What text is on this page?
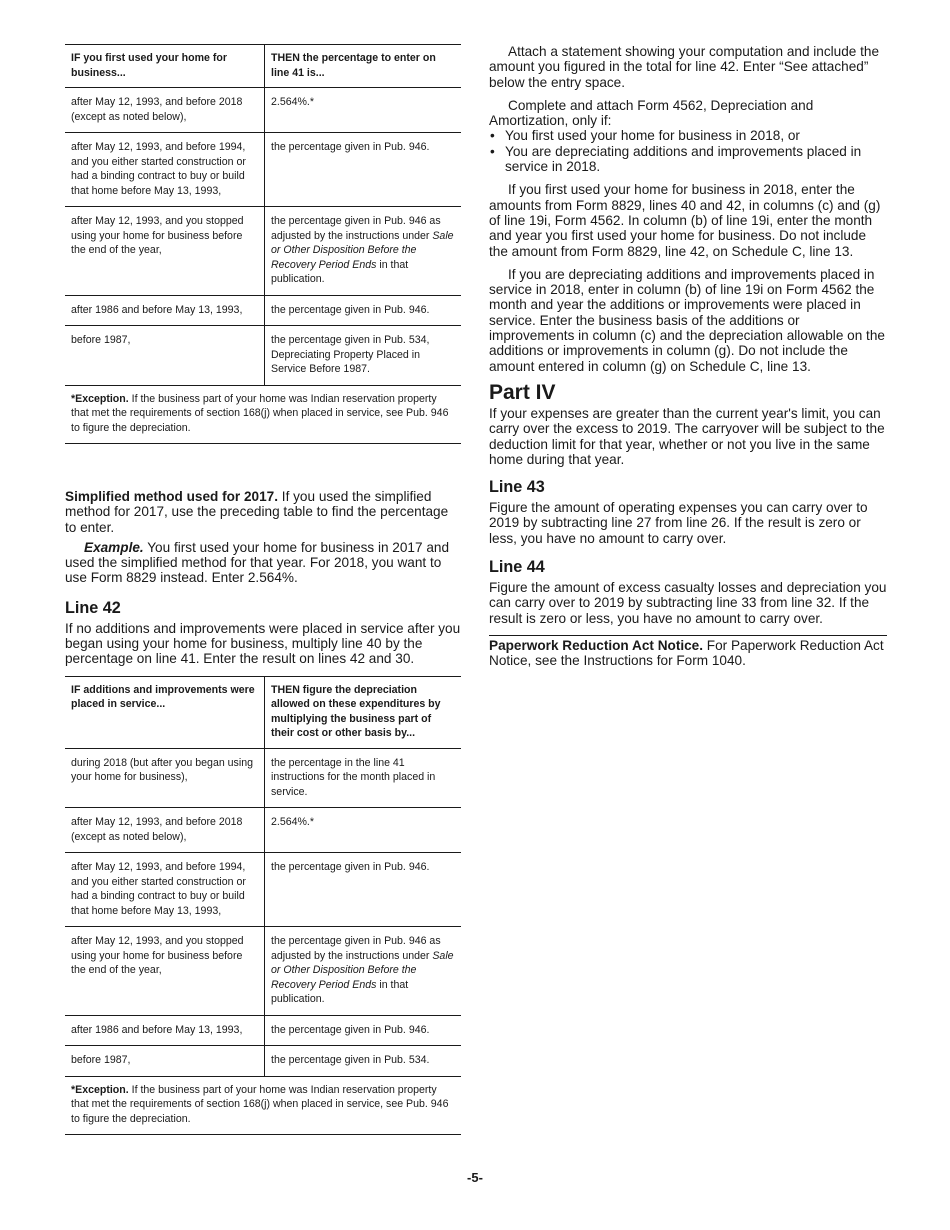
IF you first used your home for business...	THEN the percentage to enter on line 41 is...
after May 12, 1993, and before 2018 (except as noted below),	2.564%.*
after May 12, 1993, and before 1994, and you either started construction or had a binding contract to buy or build that home before May 13, 1993,	the percentage given in Pub. 946.
after May 12, 1993, and you stopped using your home for business before the end of the year,	the percentage given in Pub. 946 as adjusted by the instructions under Sale or Other Disposition Before the Recovery Period Ends in that publication.
after 1986 and before May 13, 1993,	the percentage given in Pub. 946.
before 1987,	the percentage given in Pub. 534, Depreciating Property Placed in Service Before 1987.
*Exception. If the business part of your home was Indian reservation property that met the requirements of section 168(j) when placed in service, see Pub. 946 to figure the depreciation.	

Simplified method used for 2017. If you used the simplified method for 2017, use the preceding table to find the percentage to enter.

Example. You first used your home for business in 2017 and used the simplified method for that year. For 2018, you want to use Form 8829 instead. Enter 2.564%.

Line 42

If no additions and improvements were placed in service after you began using your home for business, multiply line 40 by the percentage on line 41. Enter the result on lines 42 and 30.

IF additions and improvements were placed in service...	THEN figure the depreciation allowed on these expenditures by multiplying the business part of their cost or other basis by...
during 2018 (but after you began using your home for business),	the percentage in the line 41 instructions for the month placed in service.
after May 12, 1993, and before 2018 (except as noted below),	2.564%.*
after May 12, 1993, and before 1994, and you either started construction or had a binding contract to buy or build that home before May 13, 1993,	the percentage given in Pub. 946.
after May 12, 1993, and you stopped using your home for business before the end of the year,	the percentage given in Pub. 946 as adjusted by the instructions under Sale or Other Disposition Before the Recovery Period Ends in that publication.
after 1986 and before May 13, 1993,	the percentage given in Pub. 946.
before 1987,	the percentage given in Pub. 534.
*Exception. If the business part of your home was Indian reservation property that met the requirements of section 168(j) when placed in service, see Pub. 946 to figure the depreciation.	

Attach a statement showing your computation and include the amount you figured in the total for line 42. Enter “See attached” below the entry space.

Complete and attach Form 4562, Depreciation and Amortization, only if:

• You first used your home for business in 2018, or
• You are depreciating additions and improvements placed in service in 2018.

If you first used your home for business in 2018, enter the amounts from Form 8829, lines 40 and 42, in columns (c) and (g) of line 19i, Form 4562. In column (b) of line 19i, enter the month and year you first used your home for business. Do not include the amount from Form 8829, line 42, on Schedule C, line 13.

If you are depreciating additions and improvements placed in service in 2018, enter in column (b) of line 19i on Form 4562 the month and year the additions or improvements were placed in service. Enter the business basis of the additions or improvements in column (c) and the depreciation allowable on the additions or improvements in column (g). Do not include the amount entered in column (g) on Schedule C, line 13.

Part IV

If your expenses are greater than the current year's limit, you can carry over the excess to 2019. The carryover will be subject to the deduction limit for that year, whether or not you live in the same home during that year.

Line 43

Figure the amount of operating expenses you can carry over to 2019 by subtracting line 27 from line 26. If the result is zero or less, you have no amount to carry over.

Line 44

Figure the amount of excess casualty losses and depreciation you can carry over to 2019 by subtracting line 33 from line 32. If the result is zero or less, you have no amount to carry over.

Paperwork Reduction Act Notice. For Paperwork Reduction Act Notice, see the Instructions for Form 1040.

-5-
